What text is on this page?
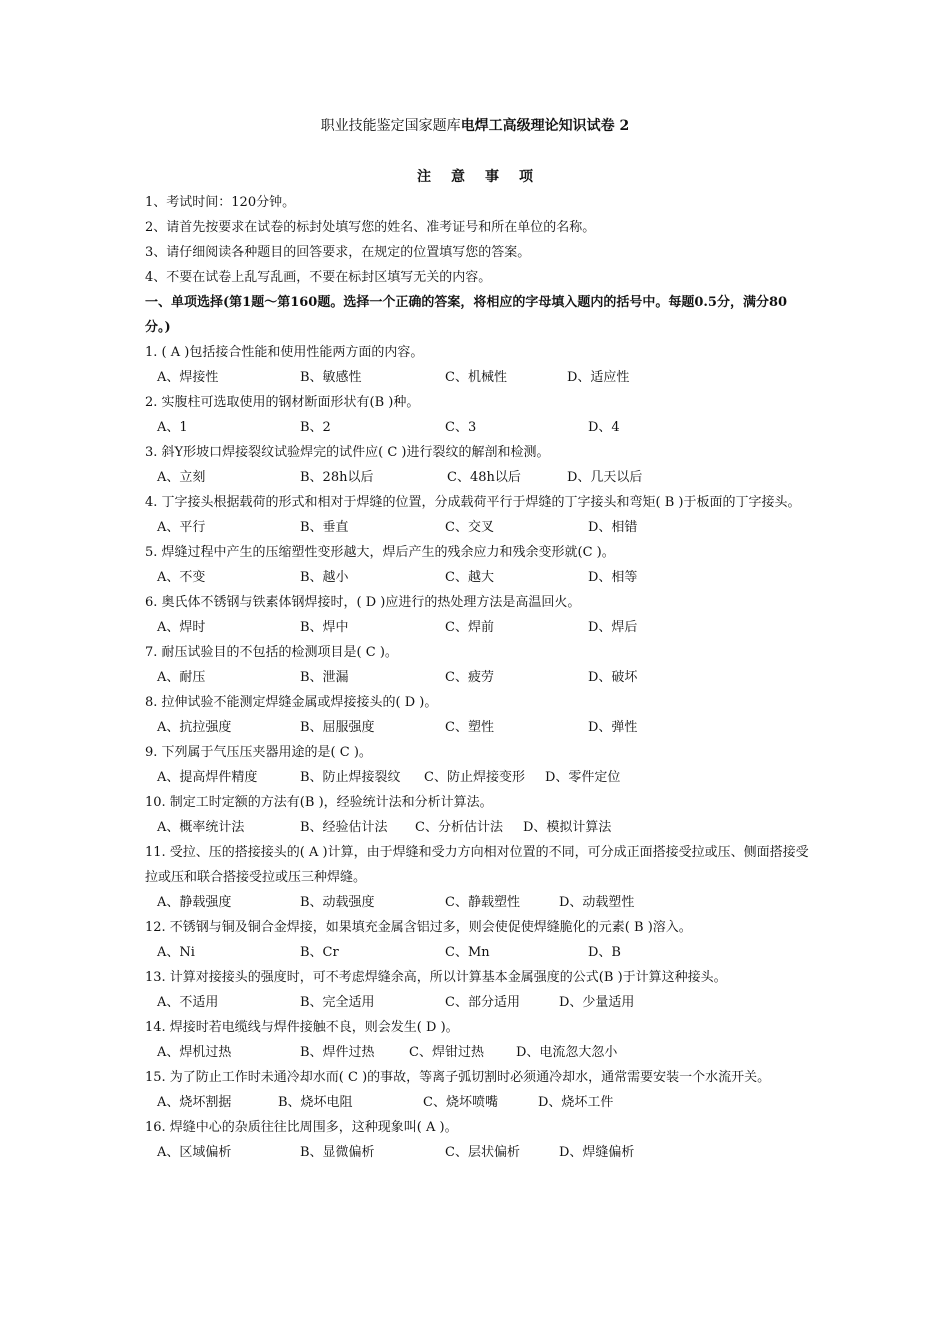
职业技能鉴定国家题库电焊工高级理论知识试卷 2
注意事项
1、考试时间：120分钟。
2、请首先按要求在试卷的标封处填写您的姓名、准考证号和所在单位的名称。
3、请仔细阅读各种题目的回答要求，在规定的位置填写您的答案。
4、不要在试卷上乱写乱画，不要在标封区填写无关的内容。
一、单项选择(第1题～第160题。选择一个正确的答案，将相应的字母填入题内的括号中。每题0.5分，满分80分。)
1. ( A )包括接合性能和使用性能两方面的内容。
A、焊接性	B、敏感性	C、机械性	D、适应性
2. 实腹柱可选取使用的钢材断面形状有(B )种。
A、1	B、2	C、3	D、4
3. 斜Y形坡口焊接裂纹试验焊完的试件应( C )进行裂纹的解剖和检测。
A、立刻	B、28h以后	C、48h以后	D、几天以后
4. 丁字接头根据载荷的形式和相对于焊缝的位置，分成载荷平行于焊缝的丁字接头和弯矩( B )于板面的丁字接头。
A、平行	B、垂直	C、交叉	D、相错
5. 焊缝过程中产生的压缩塑性变形越大，焊后产生的残余应力和残余变形就(C )。
A、不变	B、越小	C、越大	D、相等
6. 奥氏体不锈钢与铁素体钢焊接时，( D )应进行的热处理方法是高温回火。
A、焊时	B、焊中	C、焊前	D、焊后
7. 耐压试验目的不包括的检测项目是( C )。
A、耐压	B、泄漏	C、疲劳	D、破坏
8. 拉伸试验不能测定焊缝金属或焊接接头的( D )。
A、抗拉强度	B、屈服强度	C、塑性	D、弹性
9. 下列属于气压压夹器用途的是( C )。
A、提高焊件精度	B、防止焊接裂纹 C、防止焊接变形 D、零件定位
10. 制定工时定额的方法有(B )，经验统计法和分析计算法。
A、概率统计法	B、经验估计法 C、分析估计法 D、模拟计算法
11. 受拉、压的搭接接头的( A )计算，由于焊缝和受力方向相对位置的不同，可分成正面搭接受拉或压、侧面搭接受拉或压和联合搭接受拉或压三种焊缝。
A、静载强度	B、动载强度	C、静载塑性	D、动载塑性
12. 不锈钢与铜及铜合金焊接，如果填充金属含铝过多，则会使促使焊缝脆化的元素( B )溶入。
A、Ni	B、Cr	C、Mn	D、B
13. 计算对接接头的强度时，可不考虑焊缝余高，所以计算基本金属强度的公式(B )于计算这种接头。
A、不适用	B、完全适用	C、部分适用	D、少量适用
14. 焊接时若电缆线与焊件接触不良，则会发生( D )。
A、焊机过热	B、焊件过热	C、焊钳过热 D、电流忽大忽小
15. 为了防止工作时未通冷却水而( C )的事故，等离子弧切割时必须通冷却水，通常需要安装一个水流开关。
A、烧坏割据	B、烧坏电阻	C、烧坏喷嘴	D、烧坏工件
16. 焊缝中心的杂质往往比周围多，这种现象叫( A )。
A、区域偏析	B、显微偏析	C、层状偏析	D、焊缝偏析
